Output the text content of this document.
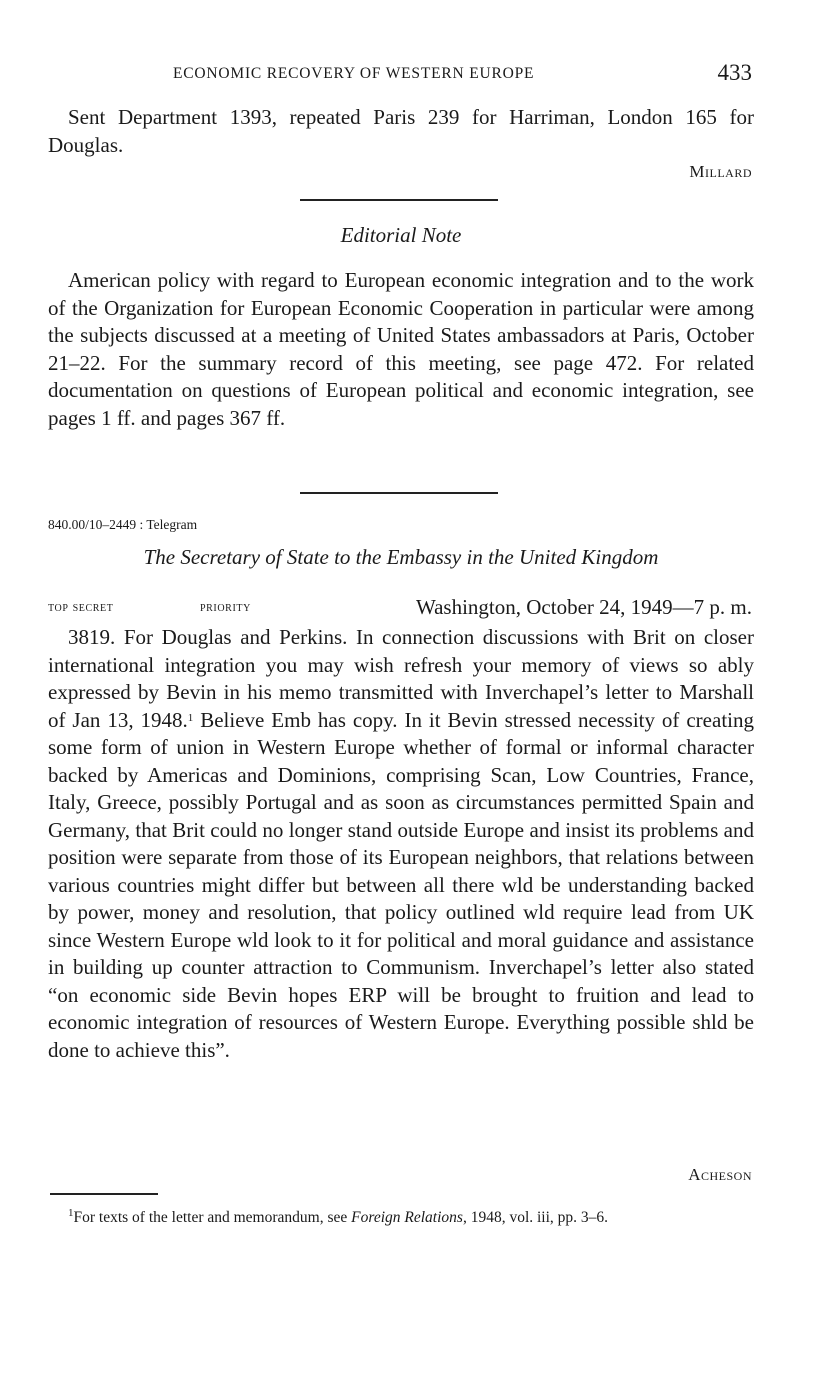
ECONOMIC RECOVERY OF WESTERN EUROPE	433

Sent Department 1393, repeated Paris 239 for Harriman, London 165 for Douglas.

Millard
Editorial Note

American policy with regard to European economic integration and to the work of the Organization for European Economic Cooperation in particular were among the subjects discussed at a meeting of United States ambassadors at Paris, October 21–22. For the summary record of this meeting, see page 472. For related documentation on questions of European political and economic integration, see pages 1 ff. and pages 367 ff.

840.00/10–2449 : Telegram
The Secretary of State to the Embassy in the United Kingdom
top secret	priority	Washington, October 24, 1949—7 p. m.

3819. For Douglas and Perkins. In connection discussions with Brit on closer international integration you may wish refresh your memory of views so ably expressed by Bevin in his memo transmitted with Inverchapel’s letter to Marshall of Jan 13, 1948.$^1$ Believe Emb has copy. In it Bevin stressed necessity of creating some form of union in Western Europe whether of formal or informal character backed by Americas and Dominions, comprising Scan, Low Countries, France, Italy, Greece, possibly Portugal and as soon as circumstances permitted Spain and Germany, that Brit could no longer stand outside Europe and insist its problems and position were separate from those of its European neighbors, that relations between various countries might differ but between all there wld be understanding backed by power, money and resolution, that policy outlined wld require lead from UK since Western Europe wld look to it for political and moral guidance and assistance in building up counter attraction to Communism. Inverchapel’s letter also stated “on economic side Bevin hopes ERP will be brought to fruition and lead to economic integration of resources of Western Europe. Everything possible shld be done to achieve this”.

Acheson

$^1$For texts of the letter and memorandum, see Foreign Relations, 1948, vol. iii, pp. 3–6.
